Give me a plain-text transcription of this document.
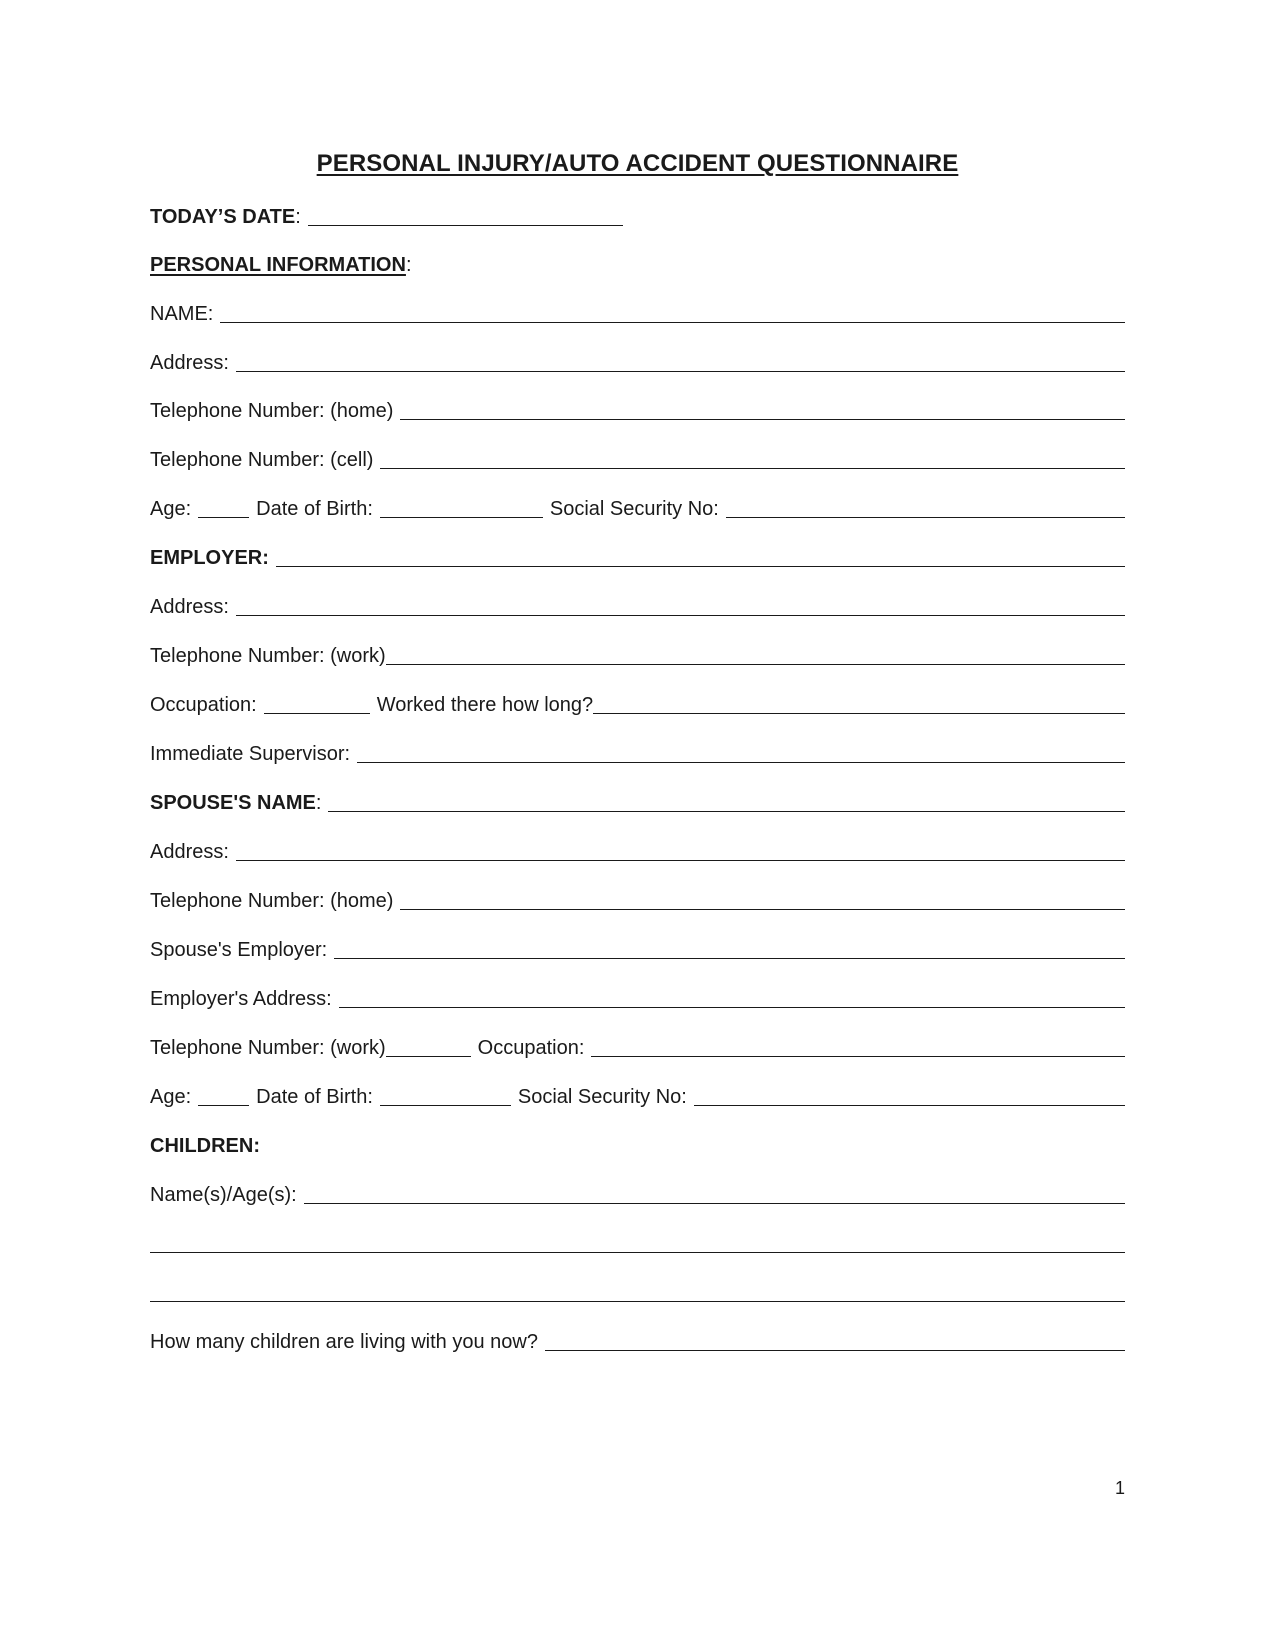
PERSONAL INJURY/AUTO ACCIDENT QUESTIONNAIRE
TODAY’S DATE :
PERSONAL INFORMATION :
NAME:
Address:
Telephone Number: (home)
Telephone Number: (cell)
Age:	Date of Birth:	Social Security No:
EMPLOYER:
Address:
Telephone Number: (work)
Occupation:	Worked there how long?
Immediate Supervisor:
SPOUSE'S NAME :
Address:
Telephone Number: (home)
Spouse's Employer:
Employer's Address:
Telephone Number: (work)	Occupation:
Age:	Date of Birth:	Social Security No:
CHILDREN:
Name(s)/Age(s):
How many children are living with you now?
1
